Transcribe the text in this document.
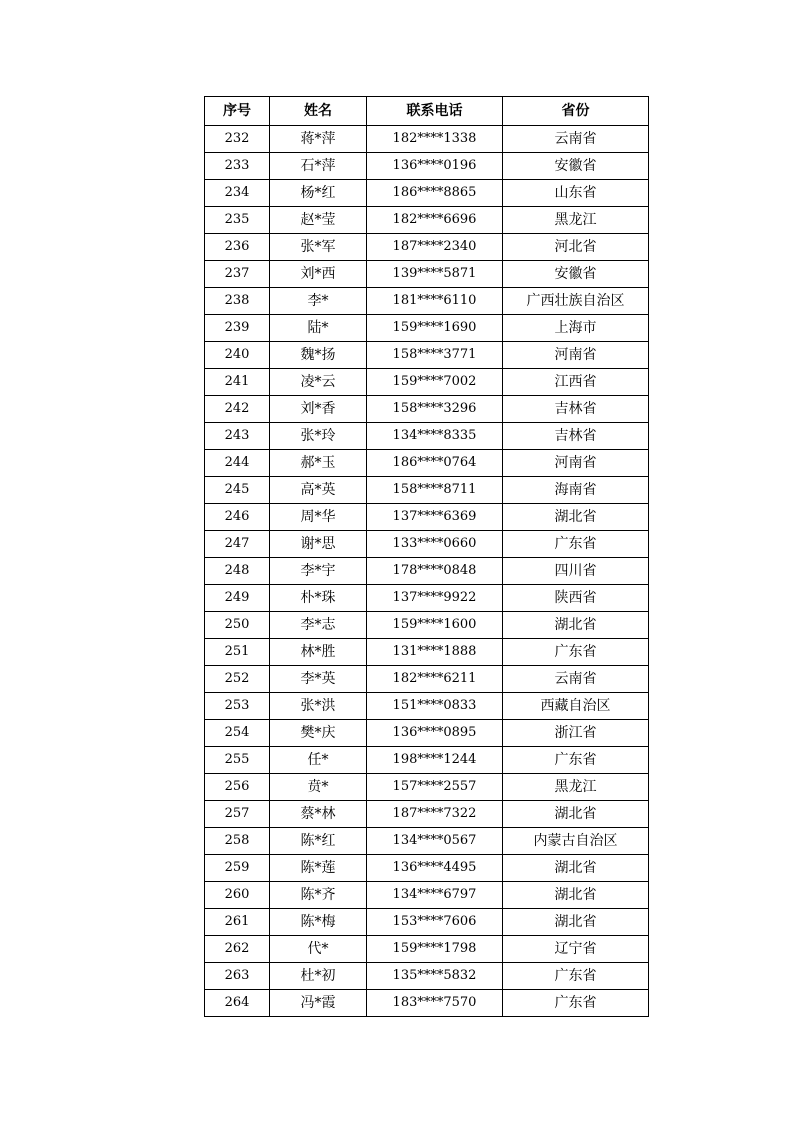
序号	姓名	联系电话	省份
232	蒋*萍	182****1338	云南省
233	石*萍	136****0196	安徽省
234	杨*红	186****8865	山东省
235	赵*莹	182****6696	黑龙江
236	张*军	187****2340	河北省
237	刘*西	139****5871	安徽省
238	李*	181****6110	广西壮族自治区
239	陆*	159****1690	上海市
240	魏*扬	158****3771	河南省
241	凌*云	159****7002	江西省
242	刘*香	158****3296	吉林省
243	张*玲	134****8335	吉林省
244	郝*玉	186****0764	河南省
245	高*英	158****8711	海南省
246	周*华	137****6369	湖北省
247	谢*思	133****0660	广东省
248	李*宇	178****0848	四川省
249	朴*珠	137****9922	陕西省
250	李*志	159****1600	湖北省
251	林*胜	131****1888	广东省
252	李*英	182****6211	云南省
253	张*洪	151****0833	西藏自治区
254	樊*庆	136****0895	浙江省
255	任*	198****1244	广东省
256	贲*	157****2557	黑龙江
257	蔡*林	187****7322	湖北省
258	陈*红	134****0567	内蒙古自治区
259	陈*莲	136****4495	湖北省
260	陈*齐	134****6797	湖北省
261	陈*梅	153****7606	湖北省
262	代*	159****1798	辽宁省
263	杜*初	135****5832	广东省
264	冯*霞	183****7570	广东省
